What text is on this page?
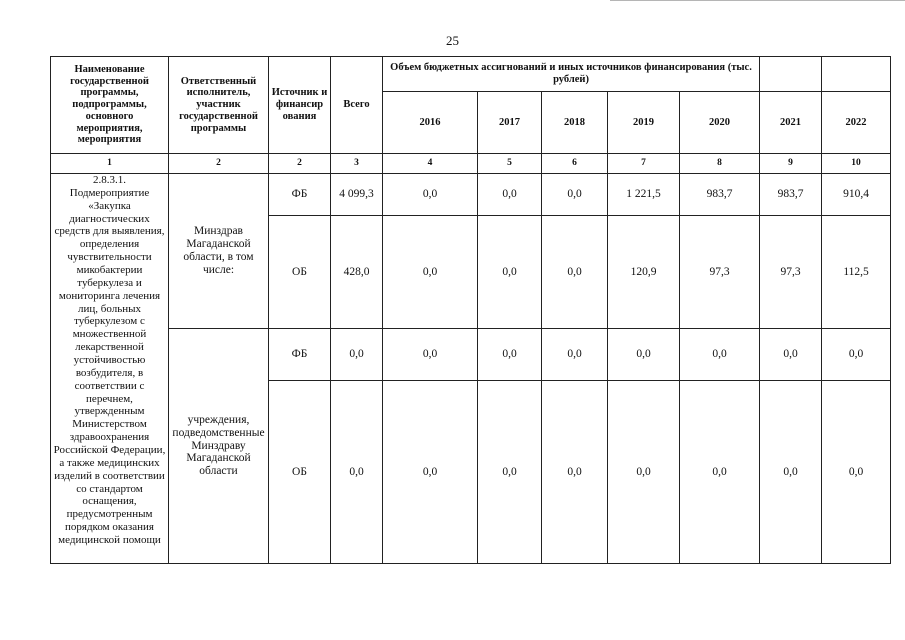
25
Наименование государственной программы, подпрограммы, основного мероприятия, мероприятия	Ответственный исполнитель, участник государственной программы	Источник и финансир ования	Всего	Объем бюджетных ассигнований и иных источников финансирования (тыс. рублей)						
				2016	2017	2018	2019	2020	2021	2022
1	2	2	3	4	5	6	7	8	9	10
2.8.3.1. Подмероприятие «Закупка диагностических средств для выявления, определения чувствительности микобактерии туберкулеза и мониторинга лечения лиц, больных туберкулезом с множественной лекарственной устойчивостью возбудителя, в соответствии с перечнем, утвержденным Министерством здравоохранения Российской Федерации, а также медицинских изделий в соответствии со стандартом оснащения, предусмотренным порядком оказания медицинской помощи	Минздрав Магаданской области, в том числе:	ФБ	4 099,3	0,0	0,0	0,0	1 221,5	983,7	983,7	910,4
		ОБ	428,0	0,0	0,0	0,0	120,9	97,3	97,3	112,5
	учреждения, подведомственные Минздраву Магаданской области	ФБ	0,0	0,0	0,0	0,0	0,0	0,0	0,0	0,0
		ОБ	0,0	0,0	0,0	0,0	0,0	0,0	0,0	0,0
